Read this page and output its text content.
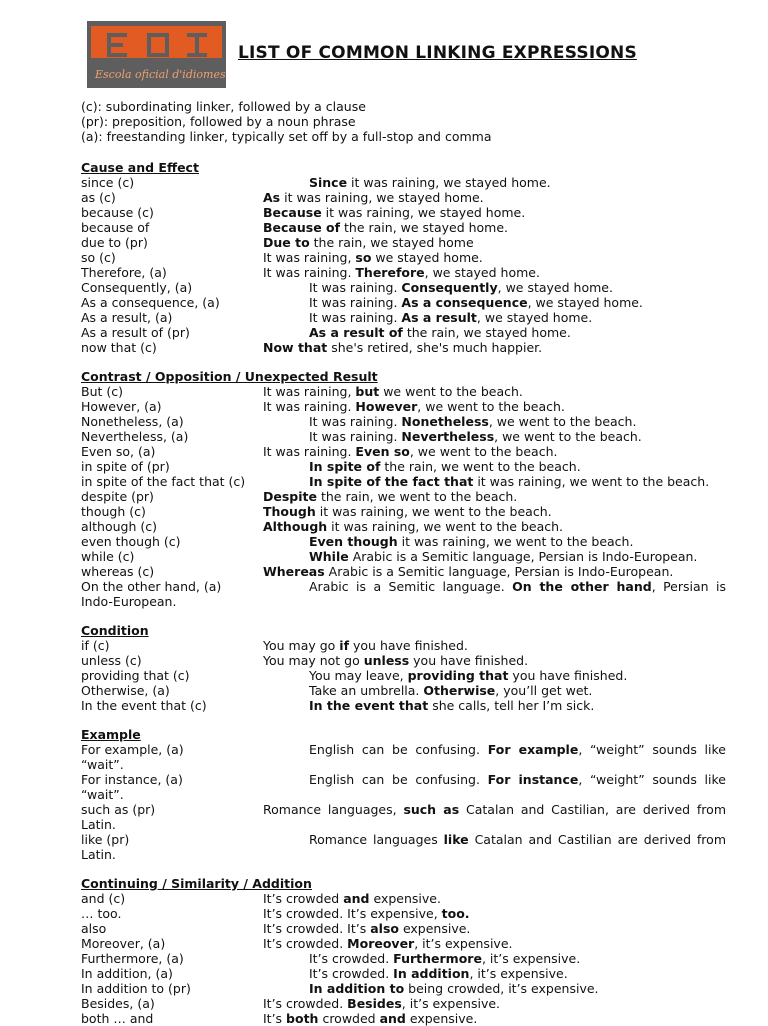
Escola oficial d'idiomes
LIST OF COMMON LINKING EXPRESSIONS
(c): subordinating linker, followed by a clause
(pr): preposition, followed by a noun phrase
(a): freestanding linker, typically set off by a full-stop and comma
Cause and Effect
since (c)	Since it was raining, we stayed home.
as (c)	As it was raining, we stayed home.
because (c)	Because it was raining, we stayed home.
because of	Because of the rain, we stayed home.
due to (pr)	Due to the rain, we stayed home
so (c)	It was raining, so we stayed home.
Therefore, (a)	It was raining. Therefore, we stayed home.
Consequently, (a)	It was raining. Consequently, we stayed home.
As a consequence, (a)	It was raining. As a consequence, we stayed home.
As a result, (a)	It was raining. As a result, we stayed home.
As a result of (pr)	As a result of the rain, we stayed home.
now that (c)	Now that she's retired, she's much happier.
Contrast / Opposition / Unexpected Result
But (c)	It was raining, but we went to the beach.
However, (a)	It was raining. However, we went to the beach.
Nonetheless, (a)	It was raining. Nonetheless, we went to the beach.
Nevertheless, (a)	It was raining. Nevertheless, we went to the beach.
Even so, (a)	It was raining. Even so, we went to the beach.
in spite of (pr)	In spite of the rain, we went to the beach.
in spite of the fact that (c)	In spite of the fact that it was raining, we went to the beach.
despite (pr)	Despite the rain, we went to the beach.
though (c)	Though it was raining, we went to the beach.
although (c)	Although it was raining, we went to the beach.
even though (c)	Even though it was raining, we went to the beach.
while (c)	While Arabic is a Semitic language, Persian is Indo-European.
whereas (c)	Whereas Arabic is a Semitic language, Persian is Indo-European.
On the other hand, (a)	Arabic is a Semitic language. On the other hand, Persian is
Indo-European.
Condition
if (c)	You may go if you have finished.
unless (c)	You may not go unless you have finished.
providing that (c)	You may leave, providing that you have finished.
Otherwise, (a)	Take an umbrella. Otherwise, you’ll get wet.
In the event that (c)	In the event that she calls, tell her I’m sick.
Example
For example, (a)	English can be confusing. For example, “weight” sounds like
“wait”.
For instance, (a)	English can be confusing. For instance, “weight” sounds like
“wait”.
such as (pr)	Romance languages, such as Catalan and Castilian, are derived from
Latin.
like (pr)	Romance languages like Catalan and Castilian are derived from
Latin.
Continuing / Similarity / Addition
and (c)	It’s crowded and expensive.
… too.	It’s crowded. It’s expensive, too.
also	It’s crowded. It’s also expensive.
Moreover, (a)	It’s crowded. Moreover, it’s expensive.
Furthermore, (a)	It’s crowded. Furthermore, it’s expensive.
In addition, (a)	It’s crowded. In addition, it’s expensive.
In addition to (pr)	In addition to being crowded, it’s expensive.
Besides, (a)	It’s crowded. Besides, it’s expensive.
both … and	It’s both crowded and expensive.
